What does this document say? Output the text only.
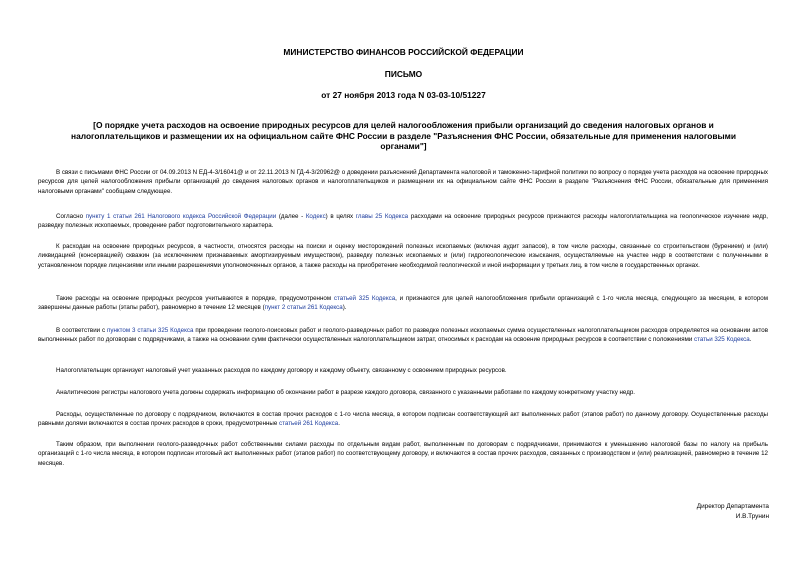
МИНИСТЕРСТВО ФИНАНСОВ РОССИЙСКОЙ ФЕДЕРАЦИИ
ПИСЬМО
от 27 ноября 2013 года N 03-03-10/51227
[О порядке учета расходов на освоение природных ресурсов для целей налогообложения прибыли организаций до сведения налоговых органов и налогоплательщиков и размещении их на официальном сайте ФНС России в разделе "Разъяснения ФНС России, обязательные для применения налоговыми органами"]

В связи с письмами ФНС России от 04.09.2013 N ЕД-4-3/16041@ и от 22.11.2013 N ГД-4-3/20962@ о доведении разъяснений Департамента налоговой и таможенно-тарифной политики по вопросу о порядке учета расходов на освоение природных ресурсов для целей налогообложения прибыли организаций до сведения налоговых органов и налогоплательщиков и размещении их на официальном сайте ФНС России в разделе "Разъяснения ФНС России, обязательные для применения налоговыми органами" сообщаем следующее.

Согласно пункту 1 статьи 261 Налогового кодекса Российской Федерации (далее - Кодекс) в целях главы 25 Кодекса расходами на освоение природных ресурсов признаются расходы налогоплательщика на геологическое изучение недр, разведку полезных ископаемых, проведение работ подготовительного характера.

К расходам на освоение природных ресурсов, в частности, относятся расходы на поиски и оценку месторождений полезных ископаемых (включая аудит запасов), в том числе расходы, связанные со строительством (бурением) и (или) ликвидацией (консервацией) скважин (за исключением признаваемых амортизируемым имуществом), разведку полезных ископаемых и (или) гидрогеологические изыскания, осуществляемые на участке недр в соответствии с полученными в установленном порядке лицензиями или иными разрешениями уполномоченных органов, а также расходы на приобретение необходимой геологической и иной информации у третьих лиц, в том числе в государственных органах.

Такие расходы на освоение природных ресурсов учитываются в порядке, предусмотренном статьей 325 Кодекса, и признаются для целей налогообложения прибыли организаций с 1-го числа месяца, следующего за месяцем, в котором завершены данные работы (этапы работ), равномерно в течение 12 месяцев (пункт 2 статьи 261 Кодекса).

В соответствии с пунктом 3 статьи 325 Кодекса при проведении геолого-поисковых работ и геолого-разведочных работ по разведке полезных ископаемых сумма осуществленных налогоплательщиком расходов определяется на основании актов выполненных работ по договорам с подрядчиками, а также на основании сумм фактически осуществленных налогоплательщиком затрат, относимых к расходам на освоение природных ресурсов в соответствии с положениями статьи 325 Кодекса.

Налогоплательщик организует налоговый учет указанных расходов по каждому договору и каждому объекту, связанному с освоением природных ресурсов.

Аналитические регистры налогового учета должны содержать информацию об окончании работ в разрезе каждого договора, связанного с указанными работами по каждому конкретному участку недр.

Расходы, осуществленные по договору с подрядчиком, включаются в состав прочих расходов с 1-го числа месяца, в котором подписан соответствующий акт выполненных работ (этапов работ) по данному договору. Осуществленные расходы равными долями включаются в состав прочих расходов в сроки, предусмотренные статьей 261 Кодекса.

Таким образом, при выполнении геолого-разведочных работ собственными силами расходы по отдельным видам работ, выполненным по договорам с подрядчиками, принимаются к уменьшению налоговой базы по налогу на прибыль организаций с 1-го числа месяца, в котором подписан итоговый акт выполненных работ (этапов работ) по соответствующему договору, и включаются в состав прочих расходов, связанных с производством и (или) реализацией, равномерно в течение 12 месяцев.

Директор Департамента
И.В.Трунин
